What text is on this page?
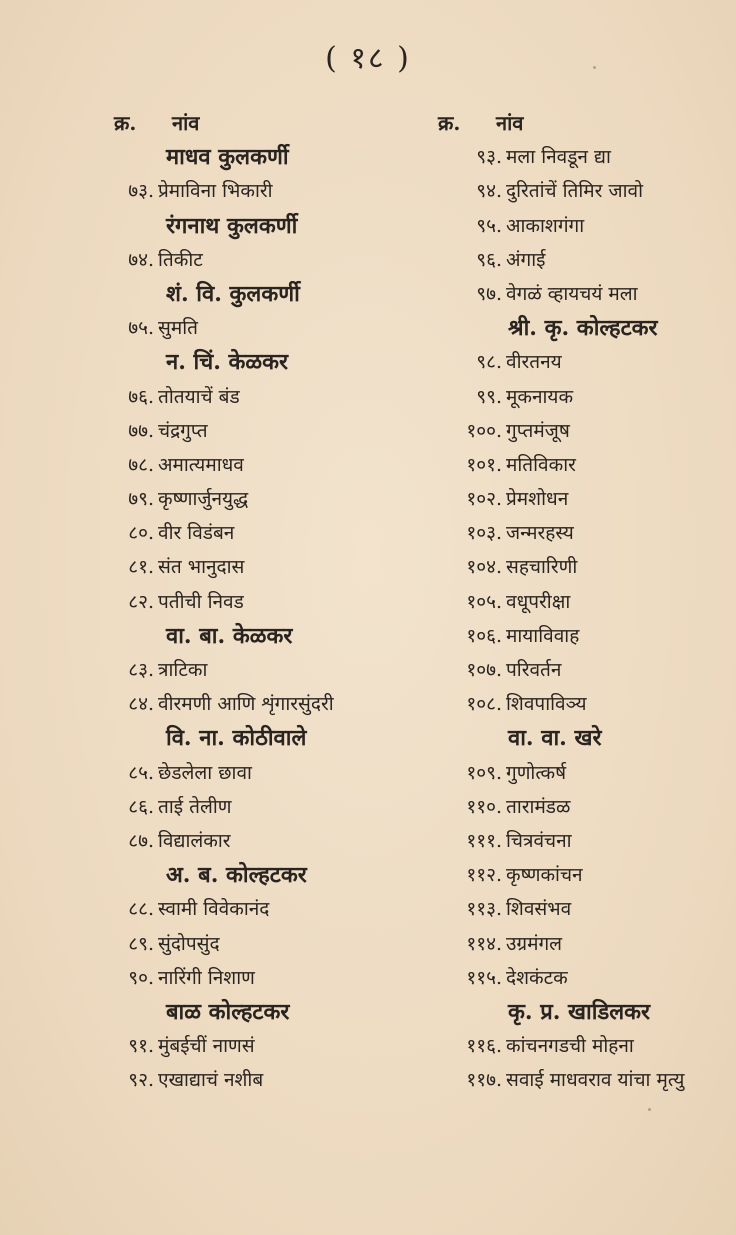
( १८ )
क्र. नांव
माधव कुलकर्णी
७३. प्रेमाविना भिकारी
रंगनाथ कुलकर्णी
७४. तिकीट
शं. वि. कुलकर्णी
७५. सुमति
न. चिं. केळकर
७६. तोतयाचें बंड
७७. चंद्रगुप्त
७८. अमात्यमाधव
७९. कृष्णार्जुनयुद्ध
८०. वीर विडंबन
८१. संत भानुदास
८२. पतीची निवड
वा. बा. केळकर
८३. त्राटिका
८४. वीरमणी आणि शृंगारसुंदरी
वि. ना. कोठीवाले
८५. छेडलेला छावा
८६. ताई तेलीण
८७. विद्यालंकार
अ. ब. कोल्हटकर
८८. स्वामी विवेकानंद
८९. सुंदोपसुंद
९०. नारिंगी निशाण
बाळ कोल्हटकर
९१. मुंबईचीं नाणसं
९२. एखाद्याचं नशीब
क्र. नांव
९३. मला निवडून द्या
९४. दुरितांचें तिमिर जावो
९५. आकाशगंगा
९६. अंगाई
९७. वेगळं व्हायचयं मला
श्री. कृ. कोल्हटकर
९८. वीरतनय
९९. मूकनायक
१००. गुप्तमंजूष
१०१. मतिविकार
१०२. प्रेमशोधन
१०३. जन्मरहस्य
१०४. सहचारिणी
१०५. वधूपरीक्षा
१०६. मायाविवाह
१०७. परिवर्तन
१०८. शिवपाविञ्य
वा. वा. खरे
१०९. गुणोत्कर्ष
११०. तारामंडळ
१११. चित्रवंचना
११२. कृष्णकांचन
११३. शिवसंभव
११४. उग्रमंगल
११५. देशकंटक
कृ. प्र. खाडिलकर
११६. कांचनगडची मोहना
११७. सवाई माधवराव यांचा मृत्यु
